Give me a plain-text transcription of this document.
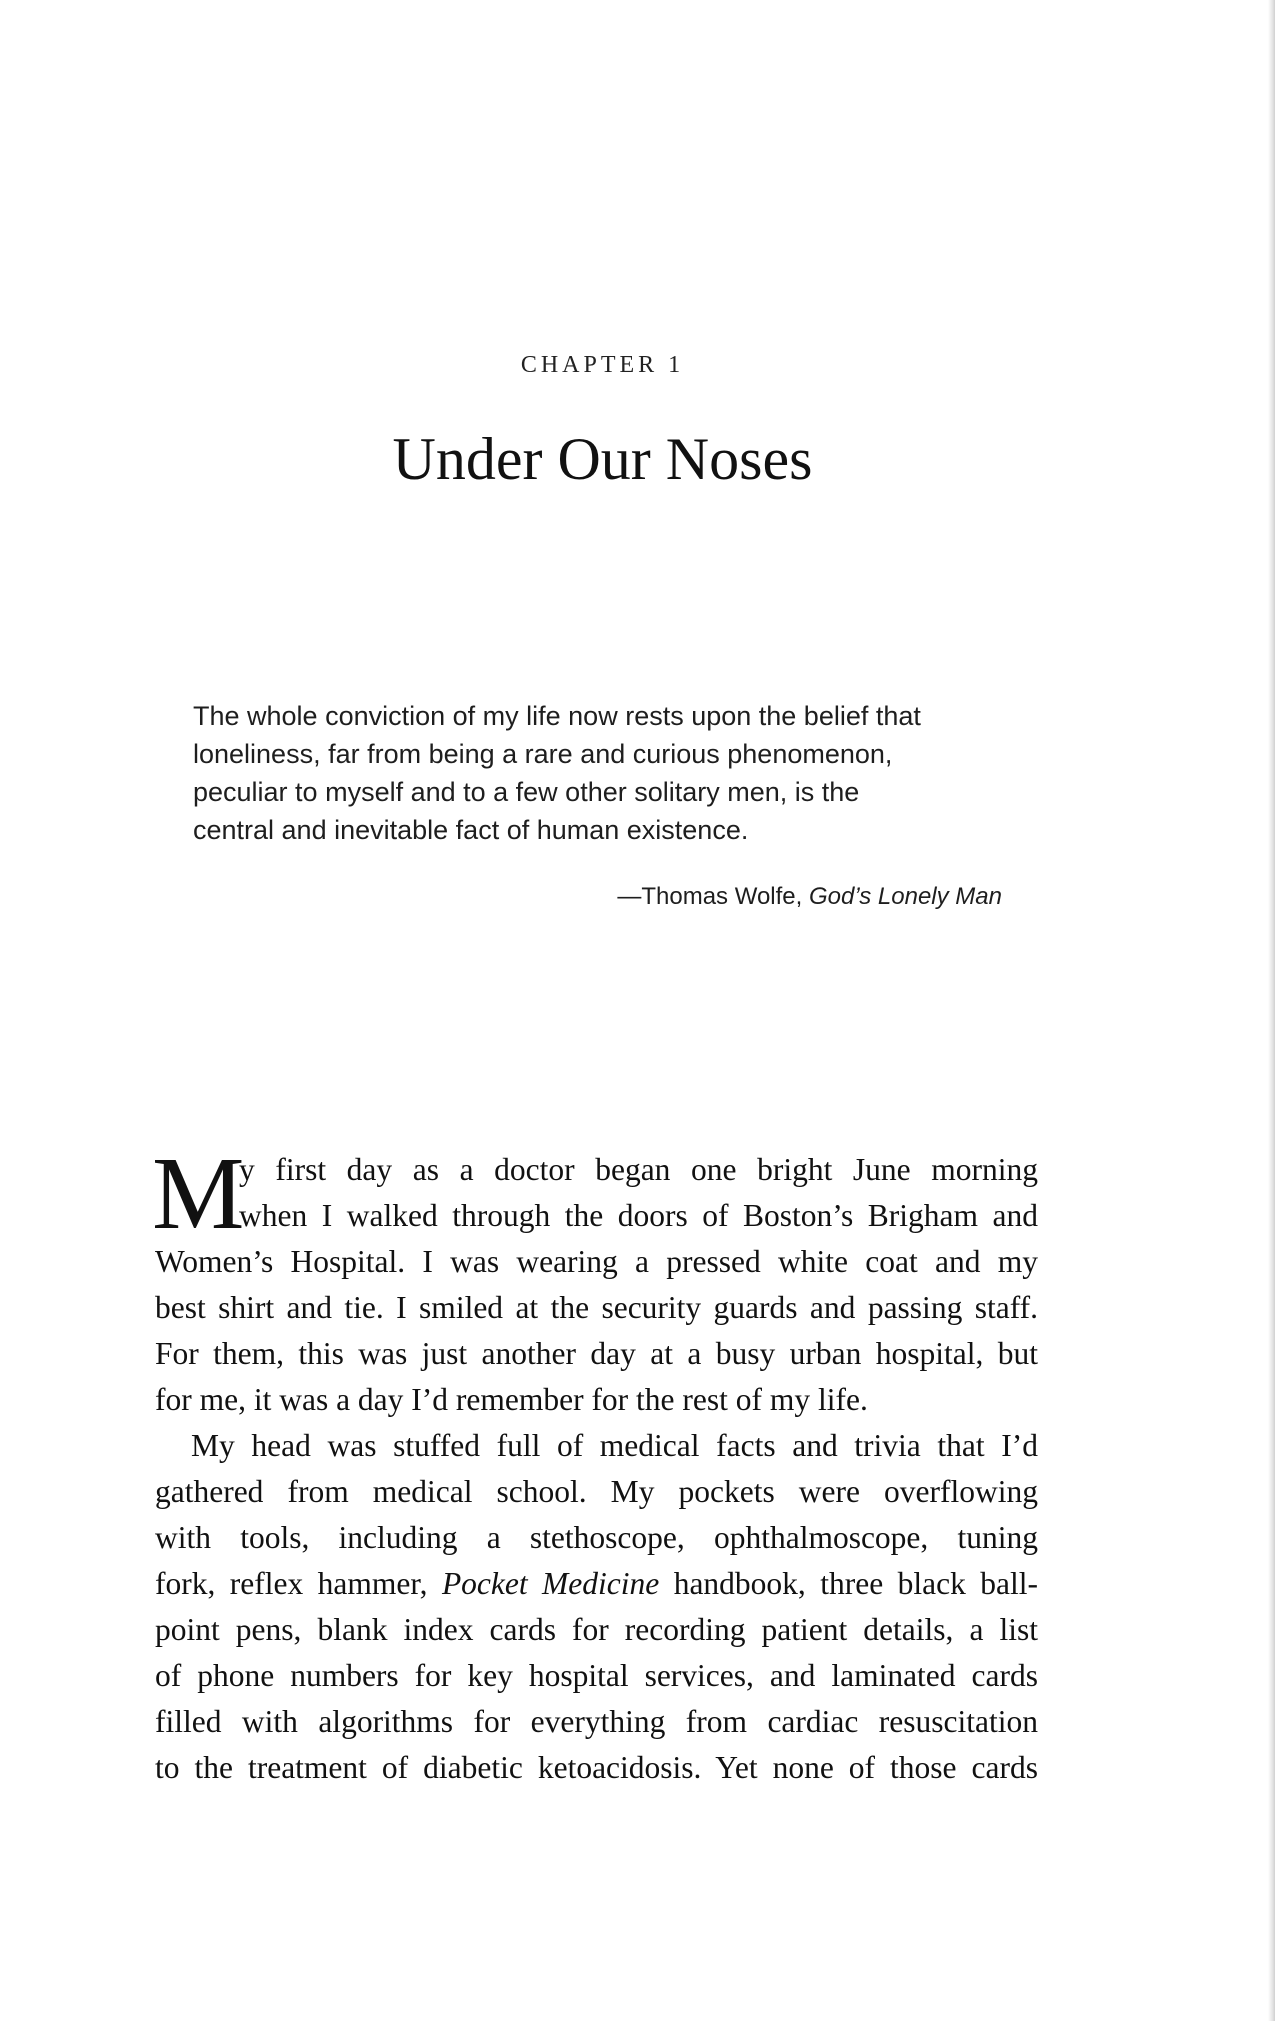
CHAPTER 1
Under Our Noses
The whole conviction of my life now rests upon the belief that
loneliness, far from being a rare and curious phenomenon,
peculiar to myself and to a few other solitary men, is the
central and inevitable fact of human existence.
—Thomas Wolfe, God’s Lonely Man
M
y first day as a doctor began one bright June morning
when I walked through the doors of Boston’s Brigham and
Women’s Hospital. I was wearing a pressed white coat and my
best shirt and tie. I smiled at the security guards and passing staff.
For them, this was just another day at a busy urban hospital, but
for me, it was a day I’d remember for the rest of my life.
My head was stuffed full of medical facts and trivia that I’d
gathered from medical school. My pockets were overflowing
with tools, including a stethoscope, ophthalmoscope, tuning
fork, reflex hammer, Pocket Medicine handbook, three black ball-
point pens, blank index cards for recording patient details, a list
of phone numbers for key hospital services, and laminated cards
filled with algorithms for everything from cardiac resuscitation
to the treatment of diabetic ketoacidosis. Yet none of those cards
